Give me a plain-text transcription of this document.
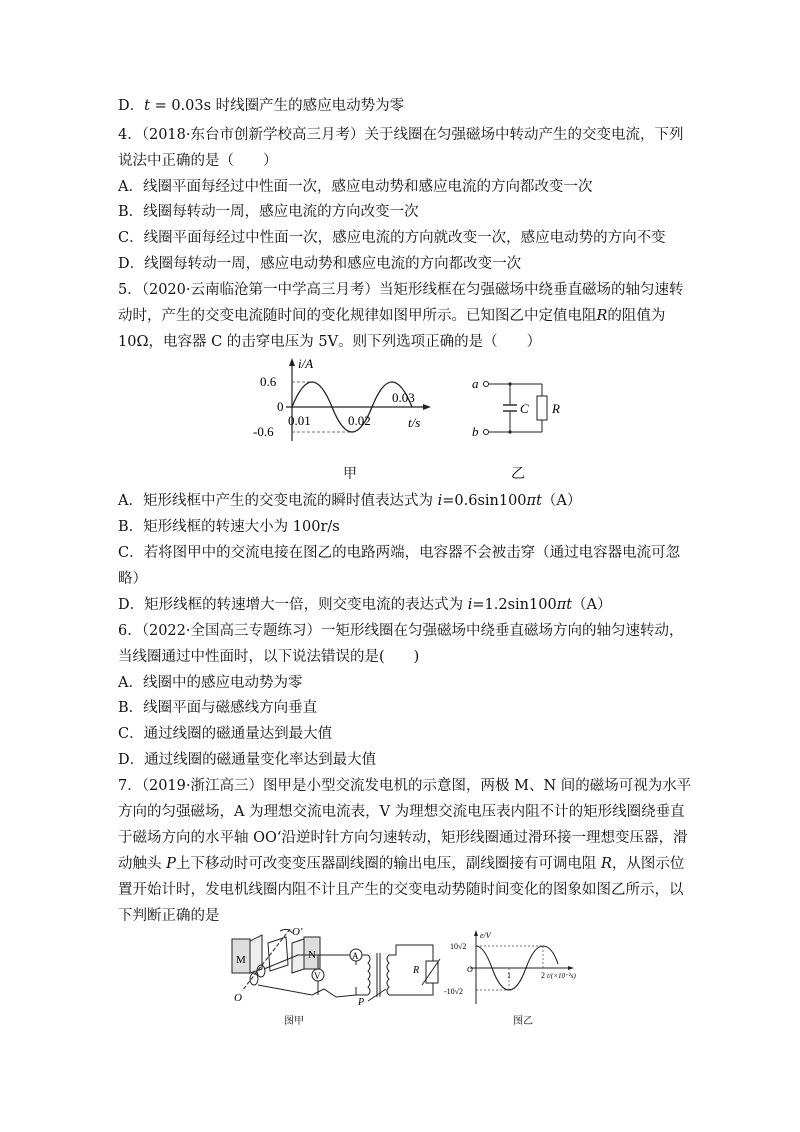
D．t = 0.03s 时线圈产生的感应电动势为零
4．（2018·东台市创新学校高三月考）关于线圈在匀强磁场中转动产生的交变电流，下列
说法中正确的是（　　）
A．线圈平面每经过中性面一次，感应电动势和感应电流的方向都改变一次
B．线圈每转动一周，感应电流的方向改变一次
C．线圈平面每经过中性面一次，感应电流的方向就改变一次，感应电动势的方向不变
D．线圈每转动一周，感应电动势和感应电流的方向都改变一次
5．（2020·云南临沧第一中学高三月考）当矩形线框在匀强磁场中绕垂直磁场的轴匀速转
动时，产生的交变电流随时间的变化规律如图甲所示。已知图乙中定值电阻R的阻值为
10Ω，电容器 C 的击穿电压为 5V。则下列选项正确的是（　　）
i/A
0.6
0
-0.6
0.01	0.02
0.03
t/s
甲
a
b
C R
乙
A．矩形线框中产生的交变电流的瞬时值表达式为 i=0.6sin100πt（A）
B．矩形线框的转速大小为 100r/s
C．若将图甲中的交流电接在图乙的电路两端，电容器不会被击穿（通过电容器电流可忽
略）
D．矩形线框的转速增大一倍，则交变电流的表达式为 i=1.2sin100πt（A）
6．（2022·全国高三专题练习）一矩形线圈在匀强磁场中绕垂直磁场方向的轴匀速转动，
当线圈通过中性面时，以下说法错误的是(　　)
A．线圈中的感应电动势为零
B．线圈平面与磁感线方向垂直
C．通过线圈的磁通量达到最大值
D．通过线圈的磁通量变化率达到最大值
7．（2019·浙江高三）图甲是小型交流发电机的示意图，两极 M、N 间的磁场可视为水平
方向的匀强磁场，A 为理想交流电流表，V 为理想交流电压表内阻不计的矩形线圈绕垂直
于磁场方向的水平轴 OO‘沿逆时针方向匀速转动，矩形线圈通过滑环接一理想变压器，滑
动触头 P上下移动时可改变变压器副线圈的输出电压，副线圈接有可调电阻 R，从图示位
置开始计时，发电机线圈内阻不计且产生的交变电动势随时间变化的图象如图乙所示，以
下判断正确的是
M	N
O'
O
A
V
P
R
图甲
e/V
10√2
O
-10√2
1	2 t/(×10⁻²s)
图乙
